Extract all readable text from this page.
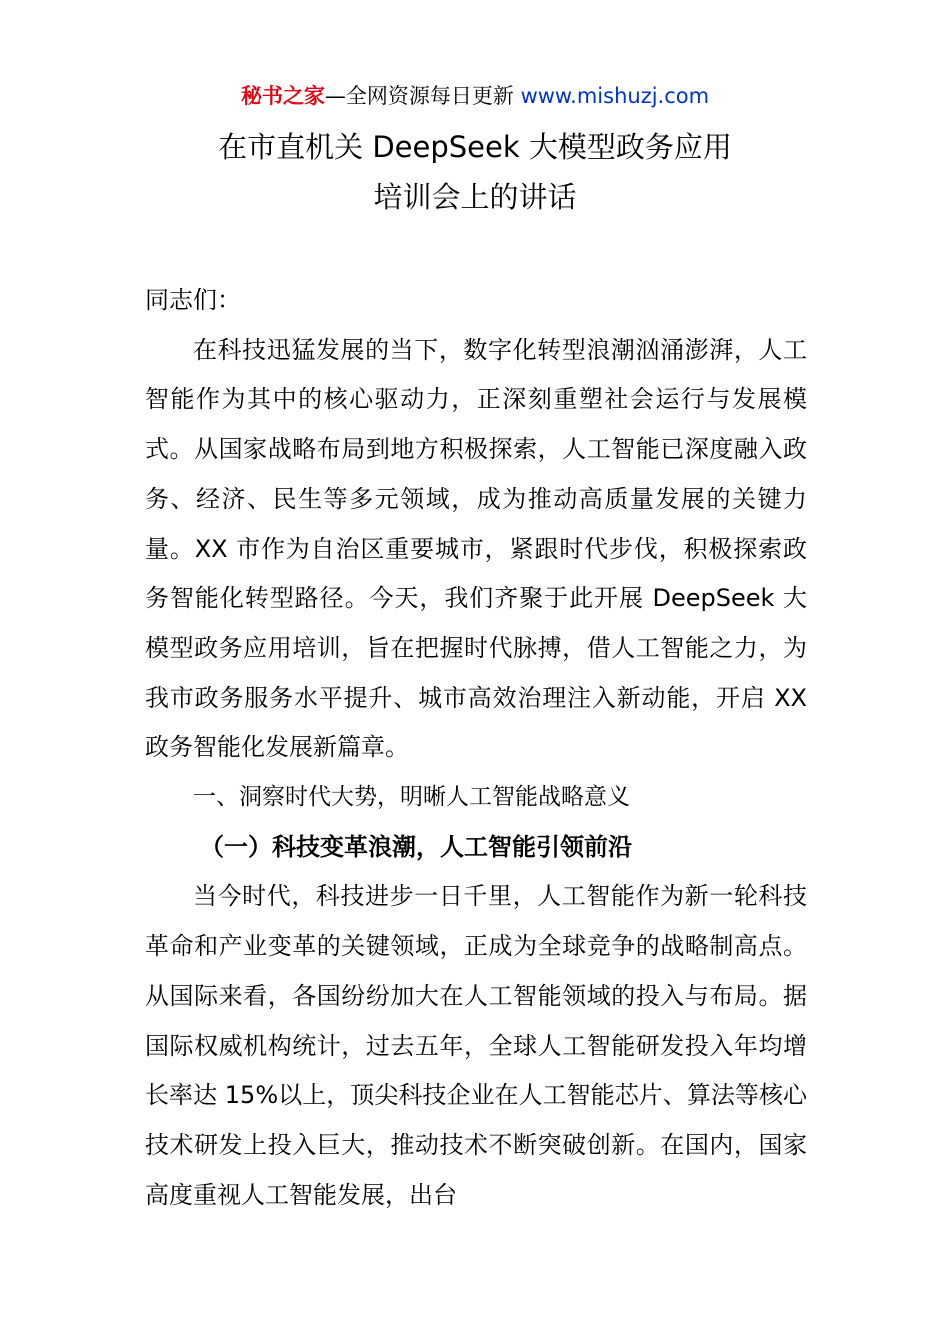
秘书之家—全网资源每日更新 www.mishuzj.com
在市直机关 DeepSeek 大模型政务应用
培训会上的讲话

同志们：

在科技迅猛发展的当下，数字化转型浪潮汹涌澎湃，人工智能作为其中的核心驱动力，正深刻重塑社会运行与发展模式。从国家战略布局到地方积极探索，人工智能已深度融入政务、经济、民生等多元领域，成为推动高质量发展的关键力量。XX 市作为自治区重要城市，紧跟时代步伐，积极探索政务智能化转型路径。今天，我们齐聚于此开展 DeepSeek 大模型政务应用培训，旨在把握时代脉搏，借人工智能之力，为我市政务服务水平提升、城市高效治理注入新动能，开启 XX 政务智能化发展新篇章。

一、洞察时代大势，明晰人工智能战略意义

（一）科技变革浪潮，人工智能引领前沿

当今时代，科技进步一日千里，人工智能作为新一轮科技革命和产业变革的关键领域，正成为全球竞争的战略制高点。从国际来看，各国纷纷加大在人工智能领域的投入与布局。据国际权威机构统计，过去五年，全球人工智能研发投入年均增长率达 15%以上，顶尖科技企业在人工智能芯片、算法等核心技术研发上投入巨大，推动技术不断突破创新。在国内，国家高度重视人工智能发展，出台
